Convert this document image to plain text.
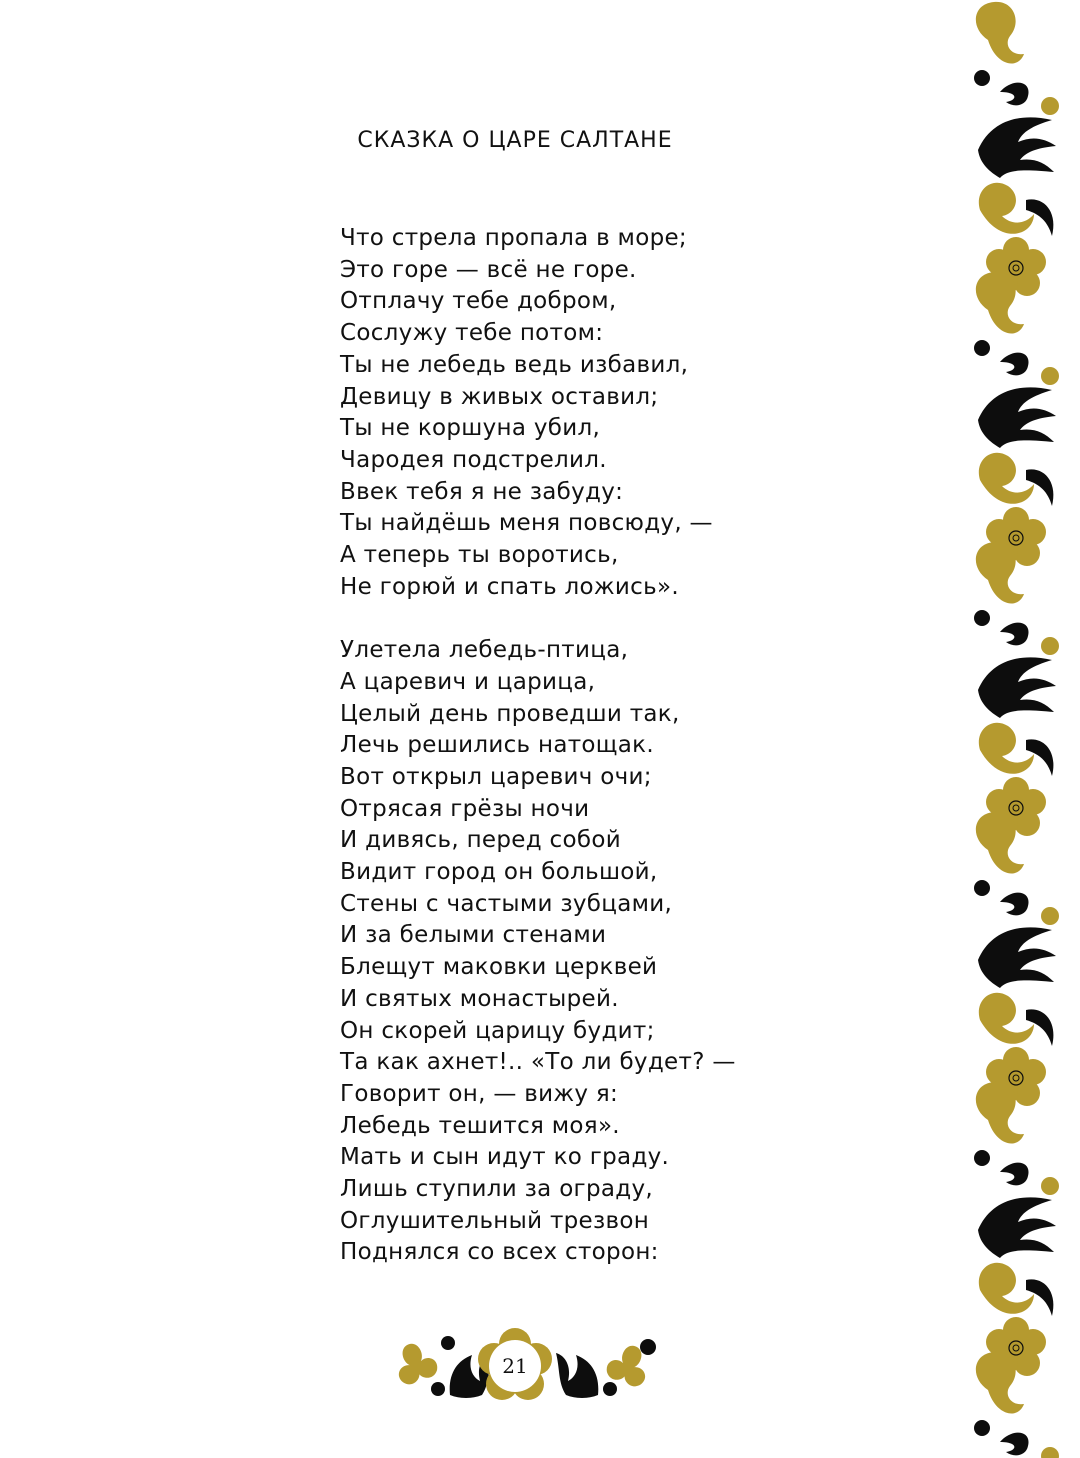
СКАЗКА О ЦАРЕ САЛТАНЕ
Что стрела пропала в море;
Это горе — всё не горе.
Отплачу тебе добром,
Сослужу тебе потом:
Ты не лебедь ведь избавил,
Девицу в живых оставил;
Ты не коршуна убил,
Чародея подстрелил.
Ввек тебя я не забуду:
Ты найдёшь меня повсюду, —
А теперь ты воротись,
Не горюй и спать ложись».
Улетела лебедь-птица,
А царевич и царица,
Целый день проведши так,
Лечь решились натощак.
Вот открыл царевич очи;
Отрясая грёзы ночи
И дивясь, перед собой
Видит город он большой,
Стены с частыми зубцами,
И за белыми стенами
Блещут маковки церквей
И святых монастырей.
Он скорей царицу будит;
Та как ахнет!.. «То ли будет? —
Говорит он, — вижу я:
Лебедь тешится моя».
Мать и сын идут ко граду.
Лишь ступили за ограду,
Оглушительный трезвон
Поднялся со всех сторон:
21
